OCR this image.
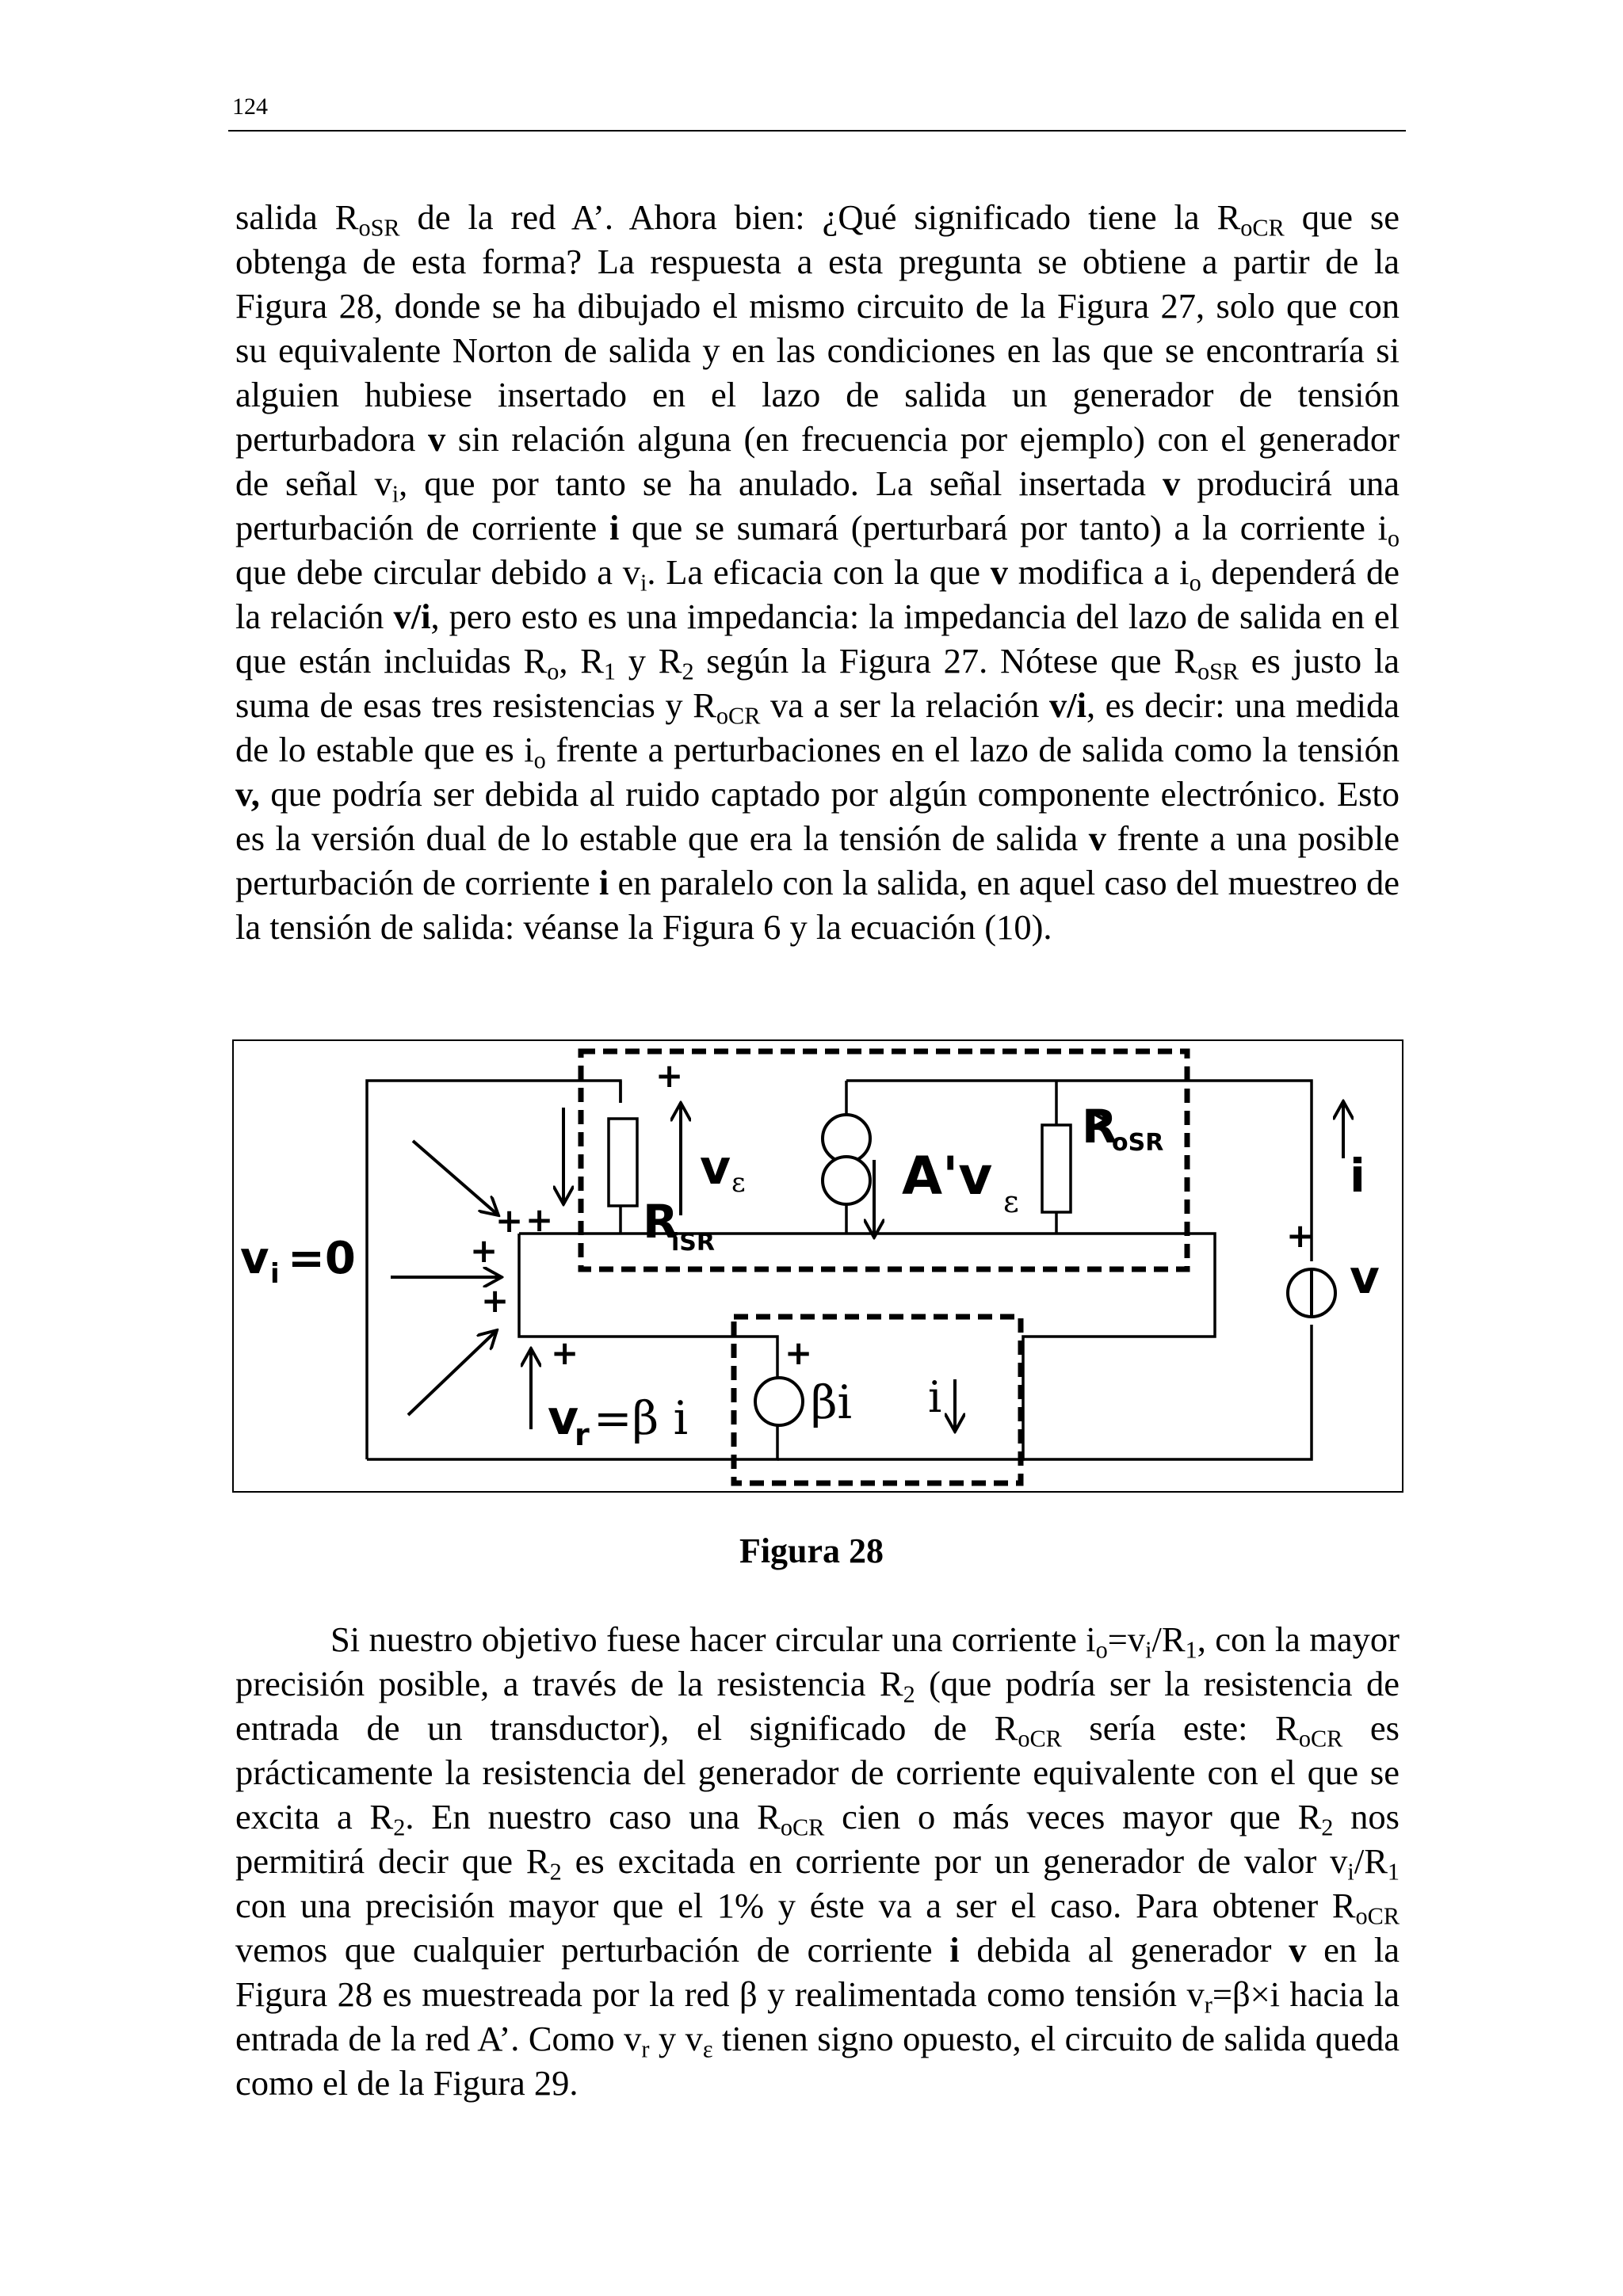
124

salida $R_{oSR}$ de la red A’. Ahora bien: ¿Qué significado tiene la $R_{oCR}$ que se obtenga de esta forma? La respuesta a esta pregunta se obtiene a partir de la Figura 28, donde se ha dibujado el mismo circuito de la Figura 27, solo que con su equivalente Norton de salida y en las condiciones en las que se encontraría si alguien hubiese insertado en el lazo de salida un generador de tensión perturbadora v sin relación alguna (en frecuencia por ejemplo) con el generador de señal $v_i$, que por tanto se ha anulado. La señal insertada v producirá una perturbación de corriente i que se sumará (perturbará por tanto) a la corriente $i_o$ que debe circular debido a $v_i$. La eficacia con la que v modifica a $i_o$ dependerá de la relación v/i, pero esto es una impedancia: la impedancia del lazo de salida en el que están incluidas $R_o$, $R_1$ y $R_2$ según la Figura 27. Nótese que $R_{oSR}$ es justo la suma de esas tres resistencias y $R_{oCR}$ va a ser la relación v/i, es decir: una medida de lo estable que es $i_o$ frente a perturbaciones en el lazo de salida como la tensión v, que podría ser debida al ruido captado por algún componente electrónico. Esto es la versión dual de lo estable que era la tensión de salida v frente a una posible perturbación de corriente i en paralelo con la salida, en aquel caso del muestreo de la tensión de salida: véanse la Figura 6 y la ecuación (10).

v i =0
+
+
+
+
+
+	+
+
v ε
R
iSR
A'v ε
R
oSR
i
v
v
r =β i	βi i
Figura 28

Si nuestro objetivo fuese hacer circular una corriente $i_o=v_i/R_1$, con la mayor precisión posible, a través de la resistencia $R_2$ (que podría ser la resistencia de entrada de un transductor), el significado de $R_{oCR}$ sería este: $R_{oCR}$ es prácticamente la resistencia del generador de corriente equivalente con el que se excita a $R_2$. En nuestro caso una $R_{oCR}$ cien o más veces mayor que $R_2$ nos permitirá decir que $R_2$ es excitada en corriente por un generador de valor $v_i/R_1$ con una precisión mayor que el 1% y éste va a ser el caso. Para obtener $R_{oCR}$ vemos que cualquier perturbación de corriente i debida al generador v en la Figura 28 es muestreada por la red β y realimentada como tensión $v_r=\beta\times i$ hacia la entrada de la red A’. Como $v_r$ y $v_\varepsilon$ tienen signo opuesto, el circuito de salida queda como el de la Figura 29.
